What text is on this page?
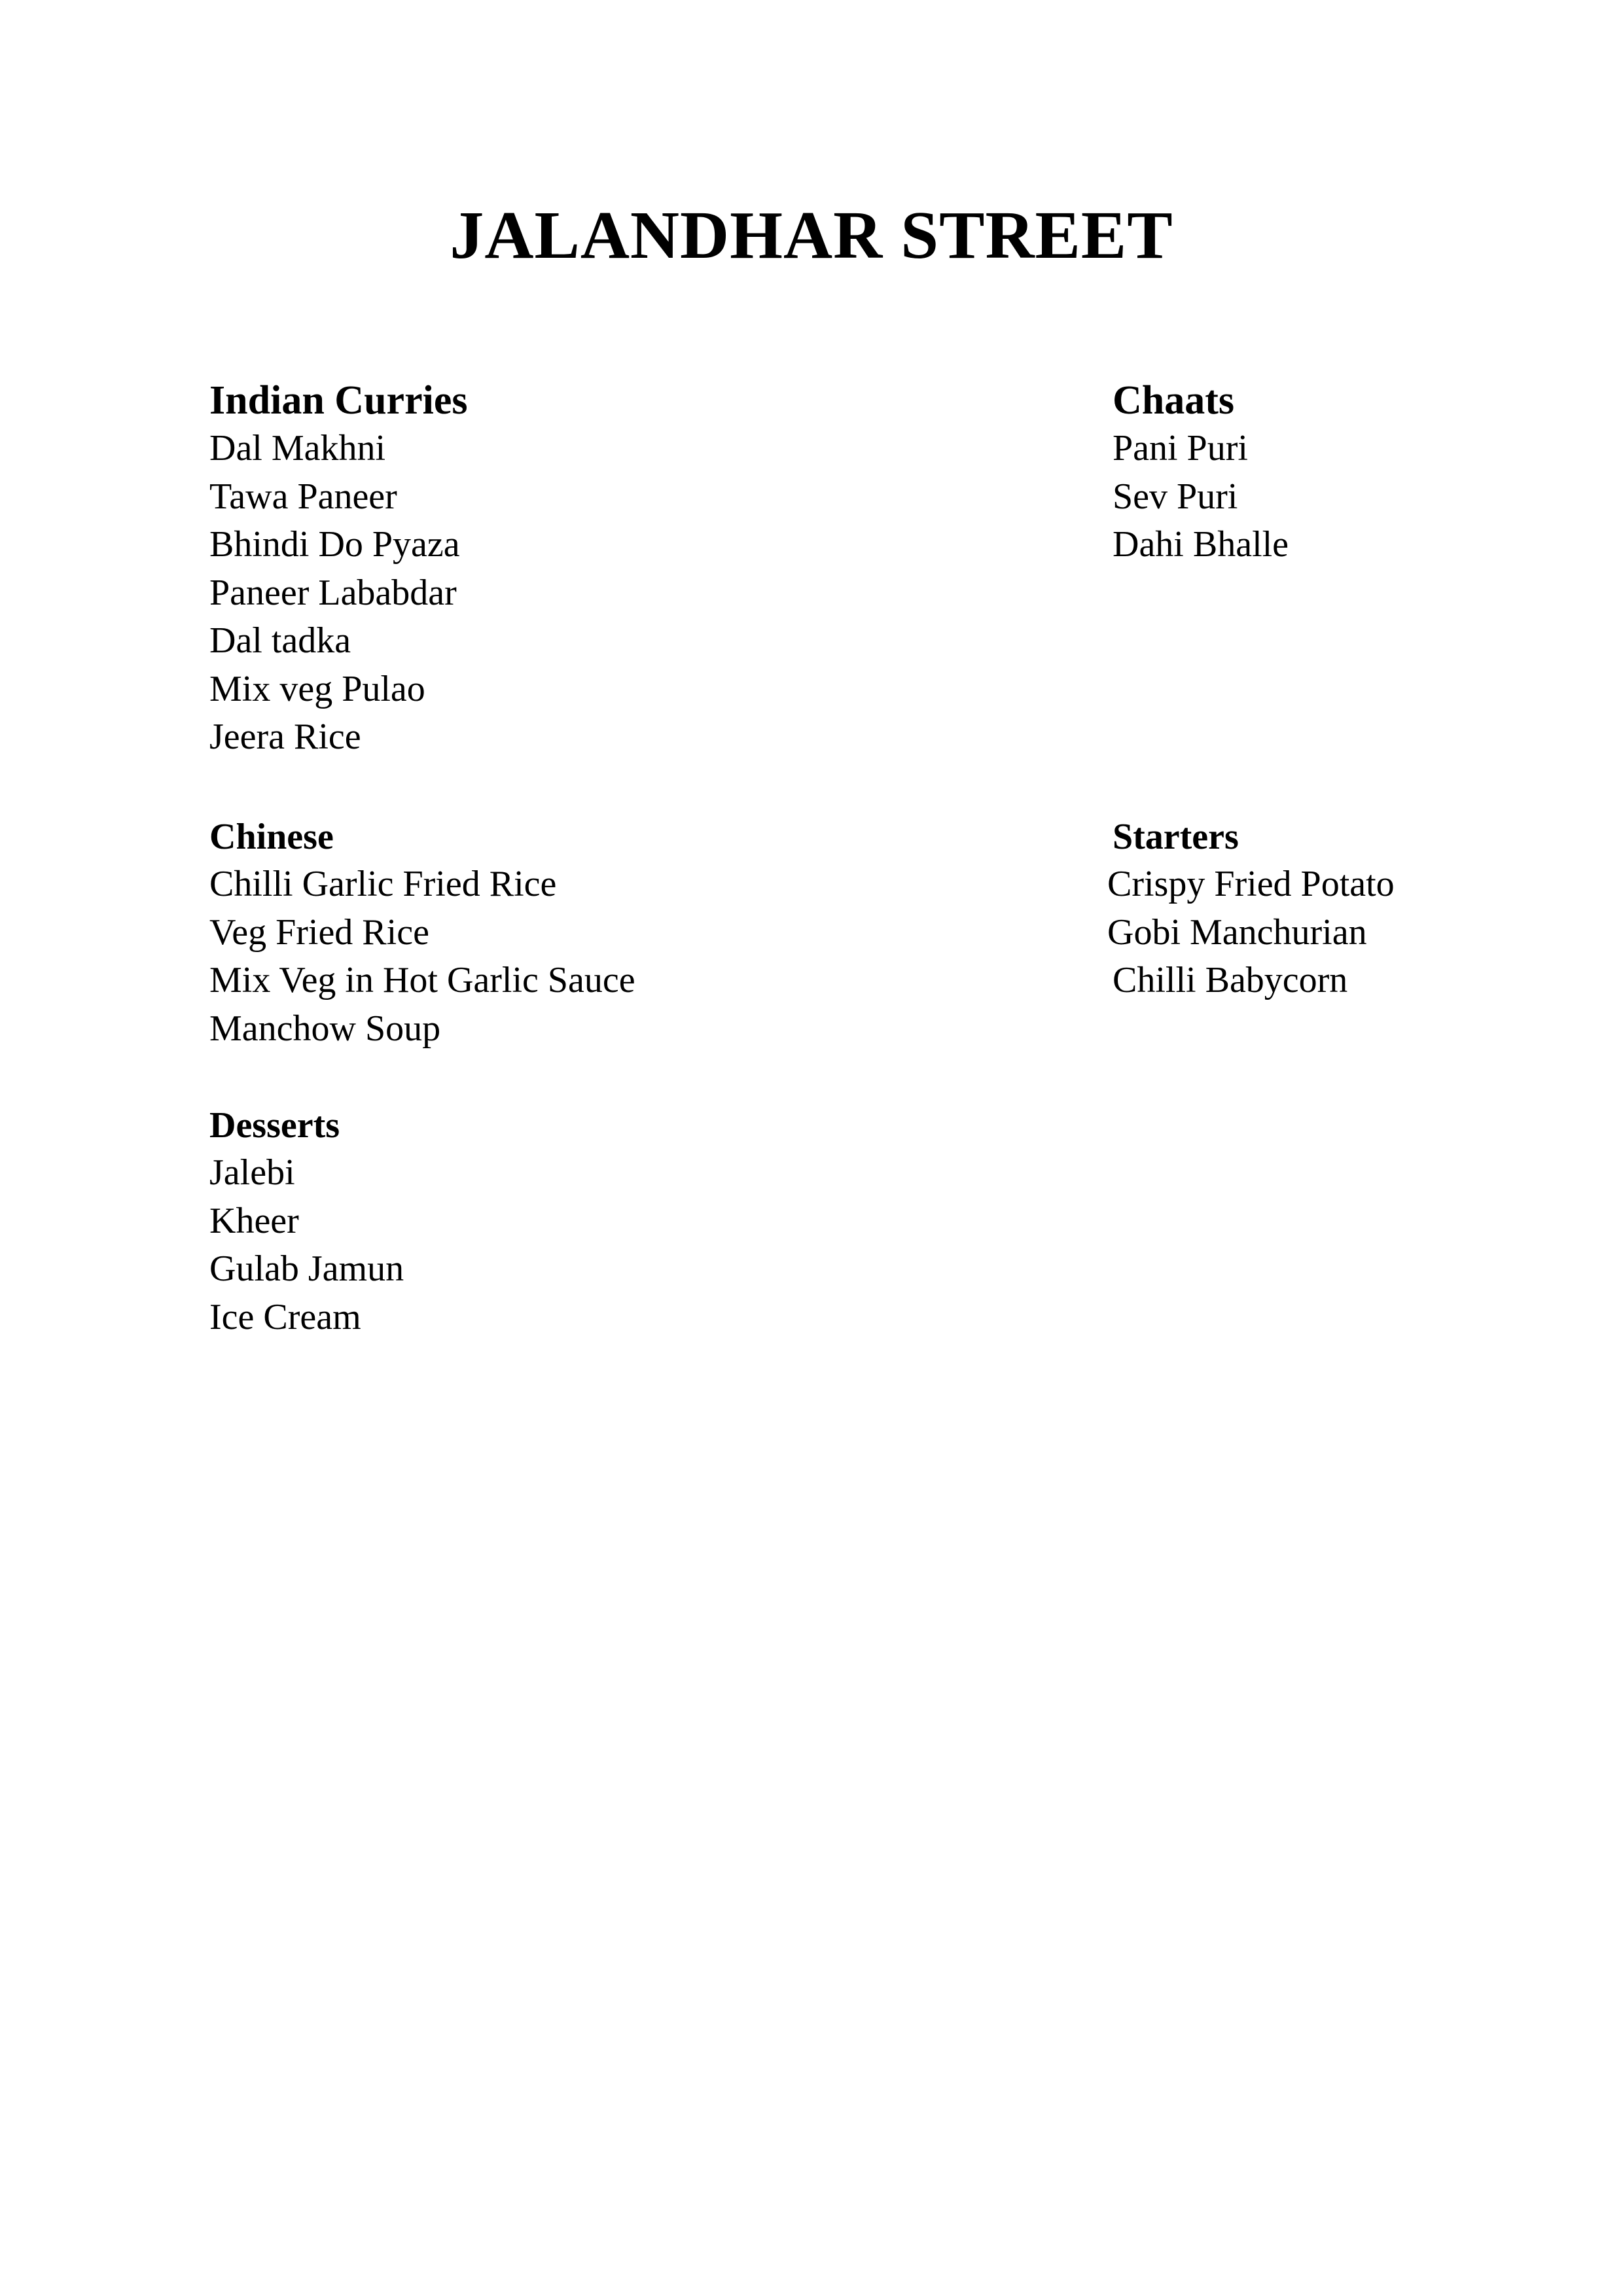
JALANDHAR STREET
Indian Curries
Dal Makhni
Tawa Paneer
Bhindi Do Pyaza
Paneer Lababdar
Dal tadka
Mix veg Pulao
Jeera Rice
Chaats
Pani Puri
Sev Puri
Dahi Bhalle
Chinese
Chilli Garlic Fried Rice
Veg Fried Rice
Mix Veg in Hot Garlic Sauce
Manchow Soup
Starters
Crispy Fried Potato
Gobi Manchurian
Chilli Babycorn
Desserts
Jalebi
Kheer
Gulab Jamun
Ice Cream
